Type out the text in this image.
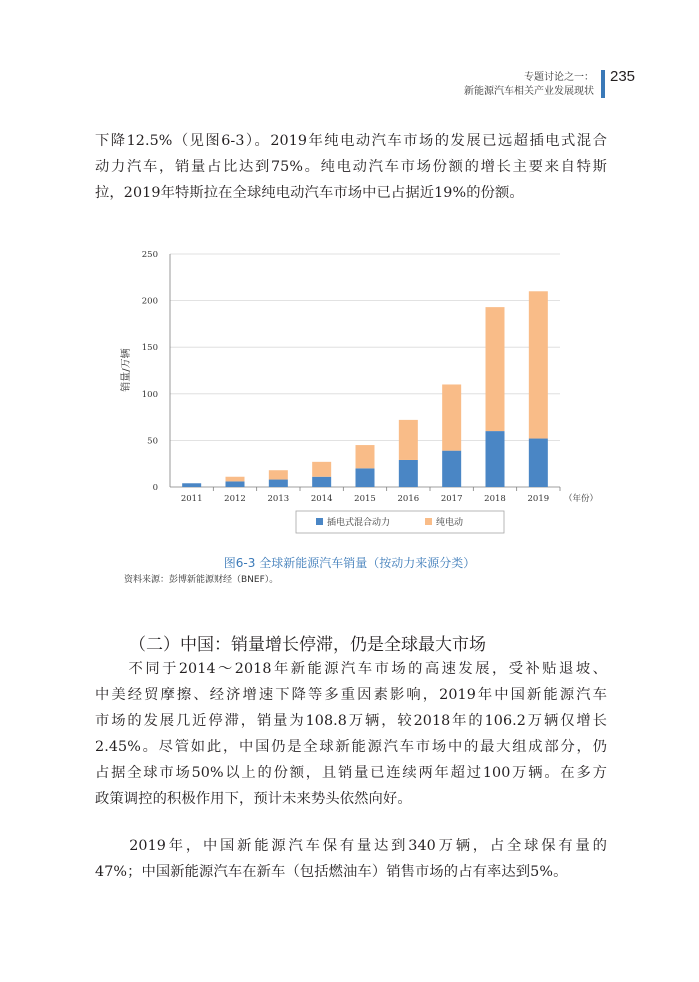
专题讨论之一：
新能源汽车相关产业发展现状
235

下降12.5%（见图6-3）。2019年纯电动汽车市场的发展已远超插电式混合

动力汽车，销量占比达到75%。纯电动汽车市场份额的增长主要来自特斯

拉，2019年特斯拉在全球纯电动汽车市场中已占据近19%的份额。

0
50
100
150
200
250
2011	2012	2013	2014	2015	2016	2017	2018	2019 （年份）
销量/万辆
插电式混合动力	纯电动
图6-3 全球新能源汽车销量（按动力来源分类）
资料来源：彭博新能源财经（BNEF）。
（二）中国：销量增长停滞，仍是全球最大市场

　　不同于2014～2018年新能源汽车市场的高速发展，受补贴退坡、

中美经贸摩擦、经济增速下降等多重因素影响，2019年中国新能源汽车

市场的发展几近停滞，销量为108.8万辆，较2018年的106.2万辆仅增长

2.45%。尽管如此，中国仍是全球新能源汽车市场中的最大组成部分，仍

占据全球市场50%以上的份额，且销量已连续两年超过100万辆。在多方

政策调控的积极作用下，预计未来势头依然向好。

　　2019年，中国新能源汽车保有量达到340万辆，占全球保有量的

47%；中国新能源汽车在新车（包括燃油车）销售市场的占有率达到5%。
